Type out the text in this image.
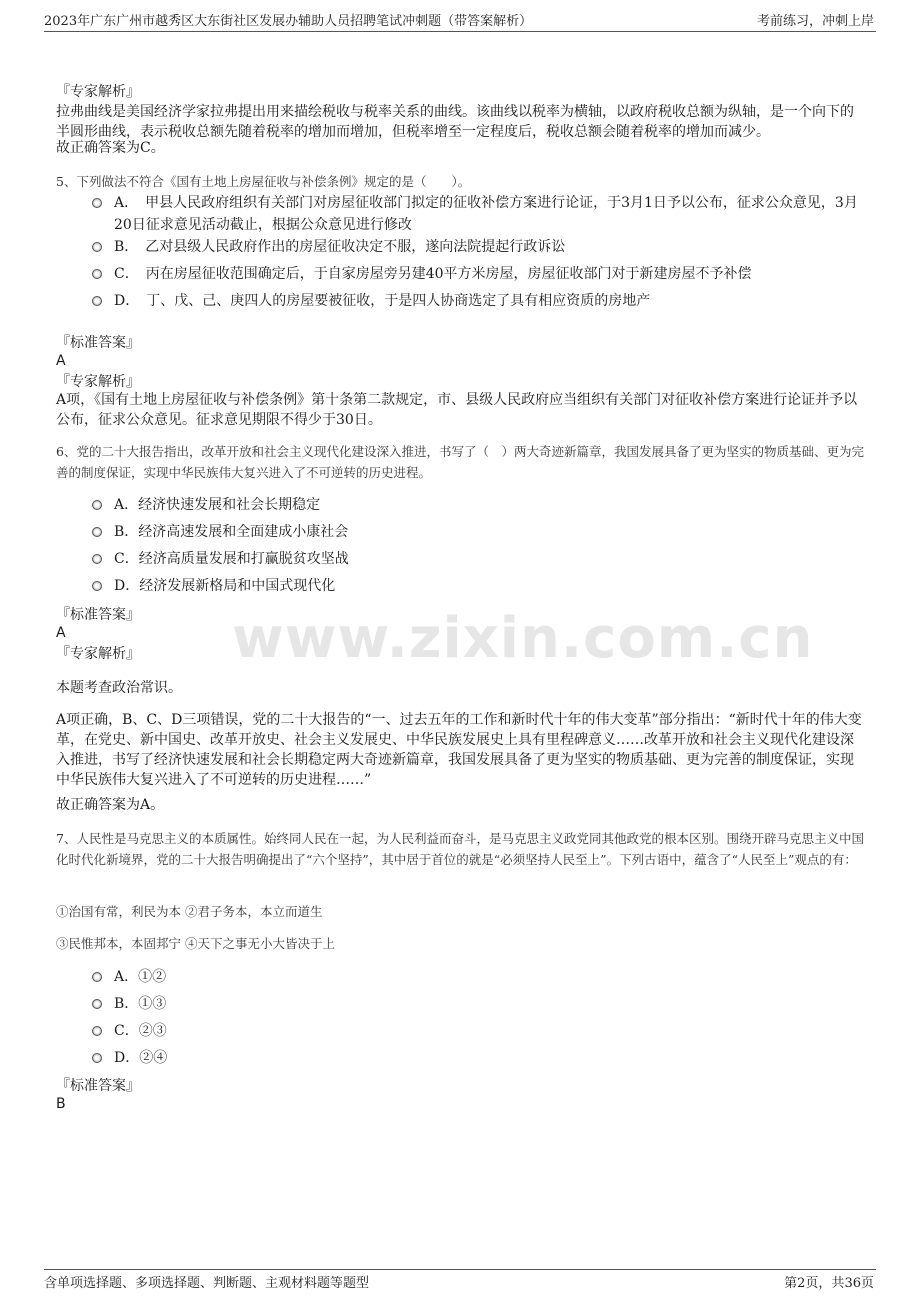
2023年广东广州市越秀区大东街社区发展办辅助人员招聘笔试冲刺题（带答案解析）	考前练习，冲刺上岸
www.zixin.com.cn
『专家解析』

拉弗曲线是美国经济学家拉弗提出用来描绘税收与税率关系的曲线。该曲线以税率为横轴，以政府税收总额为纵轴，是一个向下的半圆形曲线，表示税收总额先随着税率的增加而增加，但税率增至一定程度后，税收总额会随着税率的增加而减少。

故正确答案为C。
5、下列做法不符合《国有土地上房屋征收与补偿条例》规定的是（　　）。
A．　甲县人民政府组织有关部门对房屋征收部门拟定的征收补偿方案进行论证，于3月1日予以公布，征求公众意见，3月20日征求意见活动截止，根据公众意见进行修改
B．　乙对县级人民政府作出的房屋征收决定不服，遂向法院提起行政诉讼
C．　丙在房屋征收范围确定后，于自家房屋旁另建40平方米房屋，房屋征收部门对于新建房屋不予补偿
D．　丁、戊、己、庚四人的房屋要被征收，于是四人协商选定了具有相应资质的房地产
『标准答案』
A
『专家解析』

A项，《国有土地上房屋征收与补偿条例》第十条第二款规定，市、县级人民政府应当组织有关部门对征收补偿方案进行论证并予以公布，征求公众意见。征求意见期限不得少于30日。

6、党的二十大报告指出，改革开放和社会主义现代化建设深入推进，书写了（　）两大奇迹新篇章，我国发展具备了更为坚实的物质基础、更为完善的制度保证，实现中华民族伟大复兴进入了不可逆转的历史进程。

A．经济快速发展和社会长期稳定
B．经济高速发展和全面建成小康社会
C．经济高质量发展和打赢脱贫攻坚战
D．经济发展新格局和中国式现代化
『标准答案』
A
『专家解析』
本题考查政治常识。

A项正确，B、C、D三项错误，党的二十大报告的“一、过去五年的工作和新时代十年的伟大变革”部分指出：“新时代十年的伟大变革，在党史、新中国史、改革开放史、社会主义发展史、中华民族发展史上具有里程碑意义……改革开放和社会主义现代化建设深入推进，书写了经济快速发展和社会长期稳定两大奇迹新篇章，我国发展具备了更为坚实的物质基础、更为完善的制度保证，实现中华民族伟大复兴进入了不可逆转的历史进程……”

故正确答案为A。

7、人民性是马克思主义的本质属性。始终同人民在一起，为人民利益而奋斗，是马克思主义政党同其他政党的根本区别。围绕开辟马克思主义中国化时代化新境界，党的二十大报告明确提出了“六个坚持”，其中居于首位的就是“必须坚持人民至上”。下列古语中，蕴含了“人民至上”观点的有：

①治国有常，利民为本 ②君子务本，本立而道生
③民惟邦本，本固邦宁 ④天下之事无小大皆决于上
A．①②
B．①③
C．②③
D．②④
『标准答案』
B
含单项选择题、多项选择题、判断题、主观材料题等题型	第2页，共36页
